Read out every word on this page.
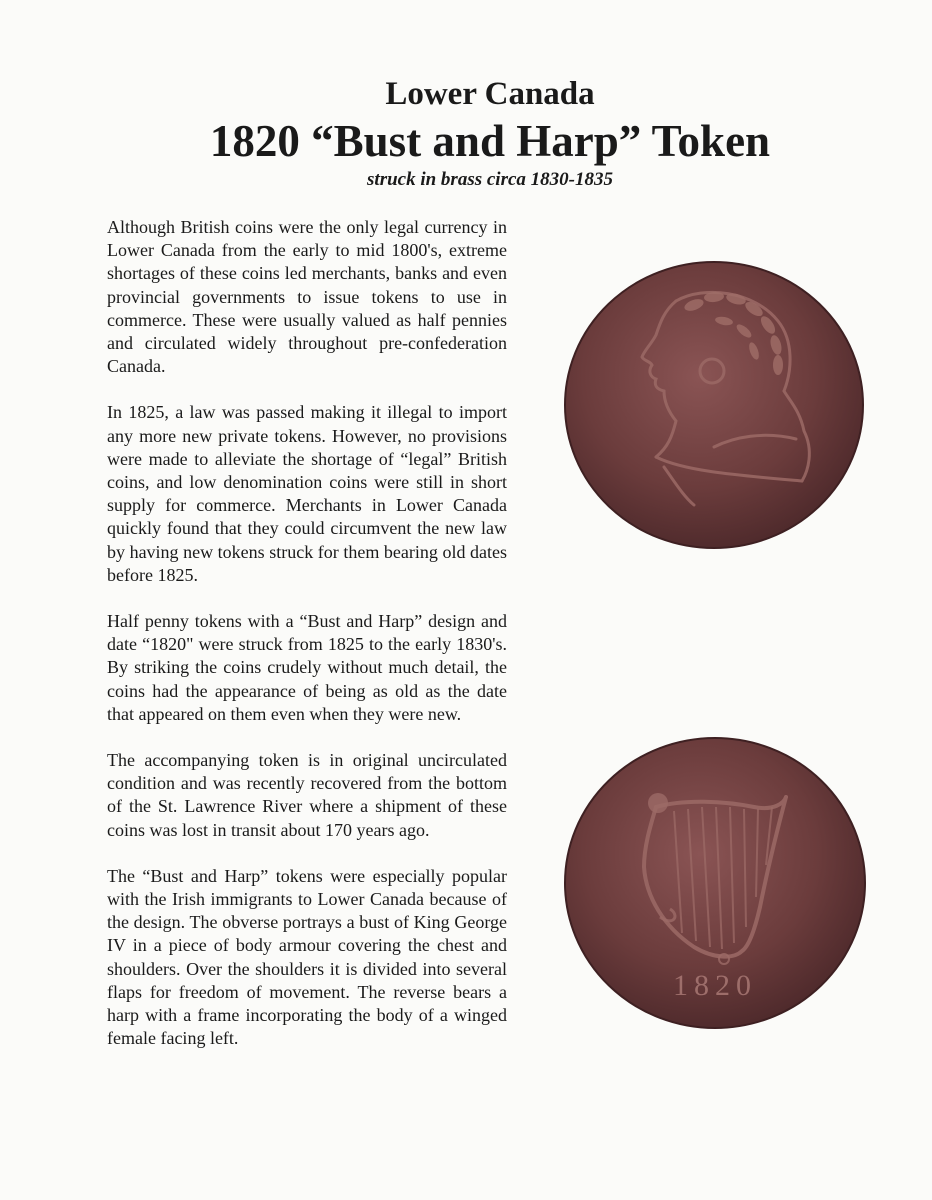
Lower Canada

1820 “Bust and Harp” Token

struck in brass circa 1830-1835

Although British coins were the only legal currency in Lower Canada from the early to mid 1800's, extreme shortages of these coins led merchants, banks and even provincial governments to issue tokens to use in commerce. These were usually valued as half pennies and circulated widely throughout pre-confederation Canada.

In 1825, a law was passed making it illegal to import any more new private tokens. However, no provisions were made to alleviate the shortage of “legal” British coins, and low denomination coins were still in short supply for commerce. Merchants in Lower Canada quickly found that they could circumvent the new law by having new tokens struck for them bearing old dates before 1825.

Half penny tokens with a “Bust and Harp” design and date “1820" were struck from 1825 to the early 1830's. By striking the coins crudely without much detail, the coins had the appearance of being as old as the date that appeared on them even when they were new.

The accompanying token is in original uncirculated condition and was recently recovered from the bottom of the St. Lawrence River where a shipment of these coins was lost in transit about 170 years ago.

The “Bust and Harp” tokens were especially popular with the Irish immigrants to Lower Canada because of the design. The obverse portrays a bust of King George IV in a piece of body armour covering the chest and shoulders. Over the shoulders it is divided into several flaps for freedom of movement. The reverse bears a harp with a frame incorporating the body of a winged female facing left.

1820
